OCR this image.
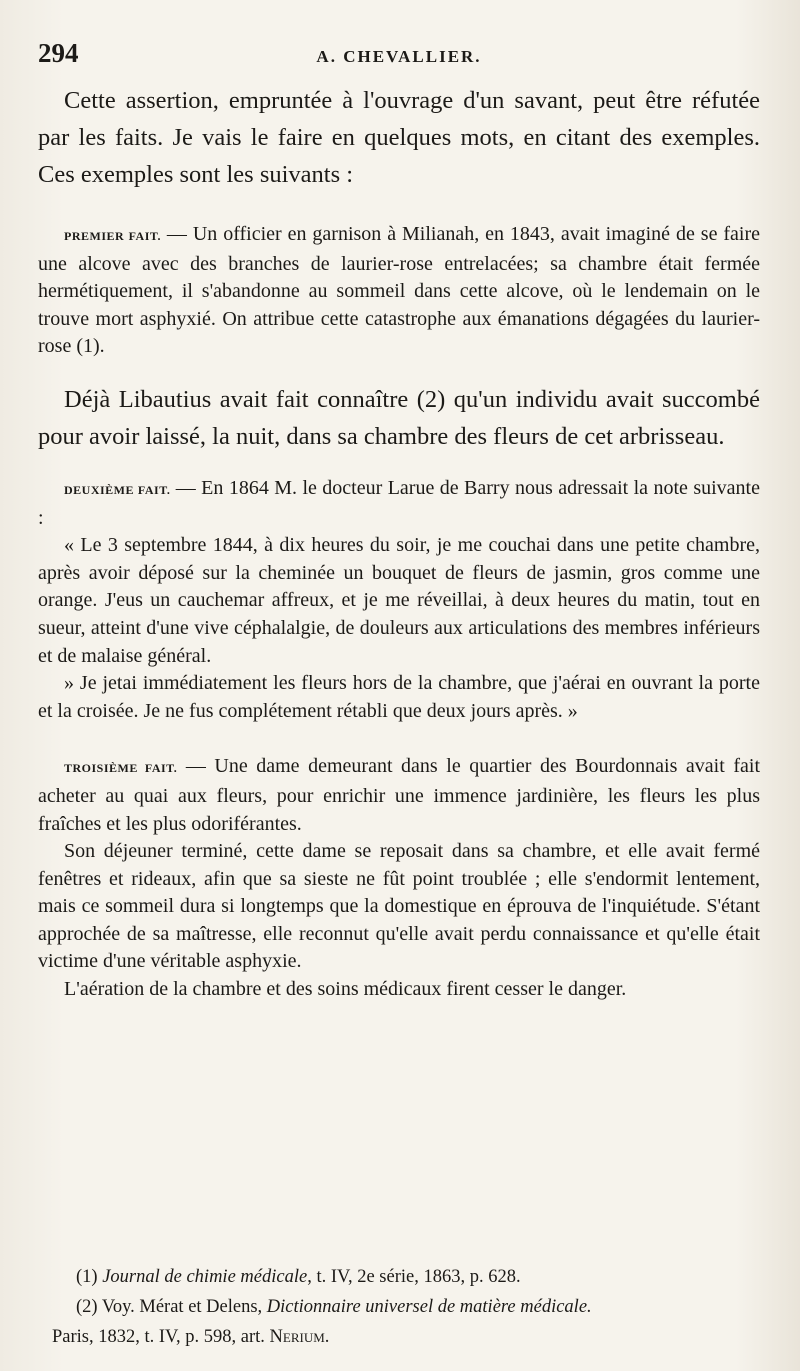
294	A. CHEVALLIER.

Cette assertion, empruntée à l'ouvrage d'un savant, peut être réfutée par les faits. Je vais le faire en quelques mots, en citant des exemples. Ces exemples sont les suivants :

PREMIER FAIT. — Un officier en garnison à Milianah, en 1843, avait imaginé de se faire une alcove avec des branches de laurier-rose entrelacées; sa chambre était fermée hermétiquement, il s'abandonne au sommeil dans cette alcove, où le lendemain on le trouve mort asphyxié. On attribue cette catastrophe aux émanations dégagées du laurier-rose (1).

Déjà Libautius avait fait connaître (2) qu'un individu avait succombé pour avoir laissé, la nuit, dans sa chambre des fleurs de cet arbrisseau.

DEUXIÈME FAIT. — En 1864 M. le docteur Larue de Barry nous adressait la note suivante :

« Le 3 septembre 1844, à dix heures du soir, je me couchai dans une petite chambre, après avoir déposé sur la cheminée un bouquet de fleurs de jasmin, gros comme une orange. J'eus un cauchemar affreux, et je me réveillai, à deux heures du matin, tout en sueur, atteint d'une vive céphalalgie, de douleurs aux articulations des membres inférieurs et de malaise général.

» Je jetai immédiatement les fleurs hors de la chambre, que j'aérai en ouvrant la porte et la croisée. Je ne fus complétement rétabli que deux jours après. »

TROISIÈME FAIT. — Une dame demeurant dans le quartier des Bourdonnais avait fait acheter au quai aux fleurs, pour enrichir une immence jardinière, les fleurs les plus fraîches et les plus odoriférantes.

Son déjeuner terminé, cette dame se reposait dans sa chambre, et elle avait fermé fenêtres et rideaux, afin que sa sieste ne fût point troublée ; elle s'endormit lentement, mais ce sommeil dura si longtemps que la domestique en éprouva de l'inquiétude. S'étant approchée de sa maîtresse, elle reconnut qu'elle avait perdu connaissance et qu'elle était victime d'une véritable asphyxie.

L'aération de la chambre et des soins médicaux firent cesser le danger.

(1) Journal de chimie médicale, t. IV, 2e série, 1863, p. 628.

(2) Voy. Mérat et Delens, Dictionnaire universel de matière médicale.

Paris, 1832, t. IV, p. 598, art. Nerium.
